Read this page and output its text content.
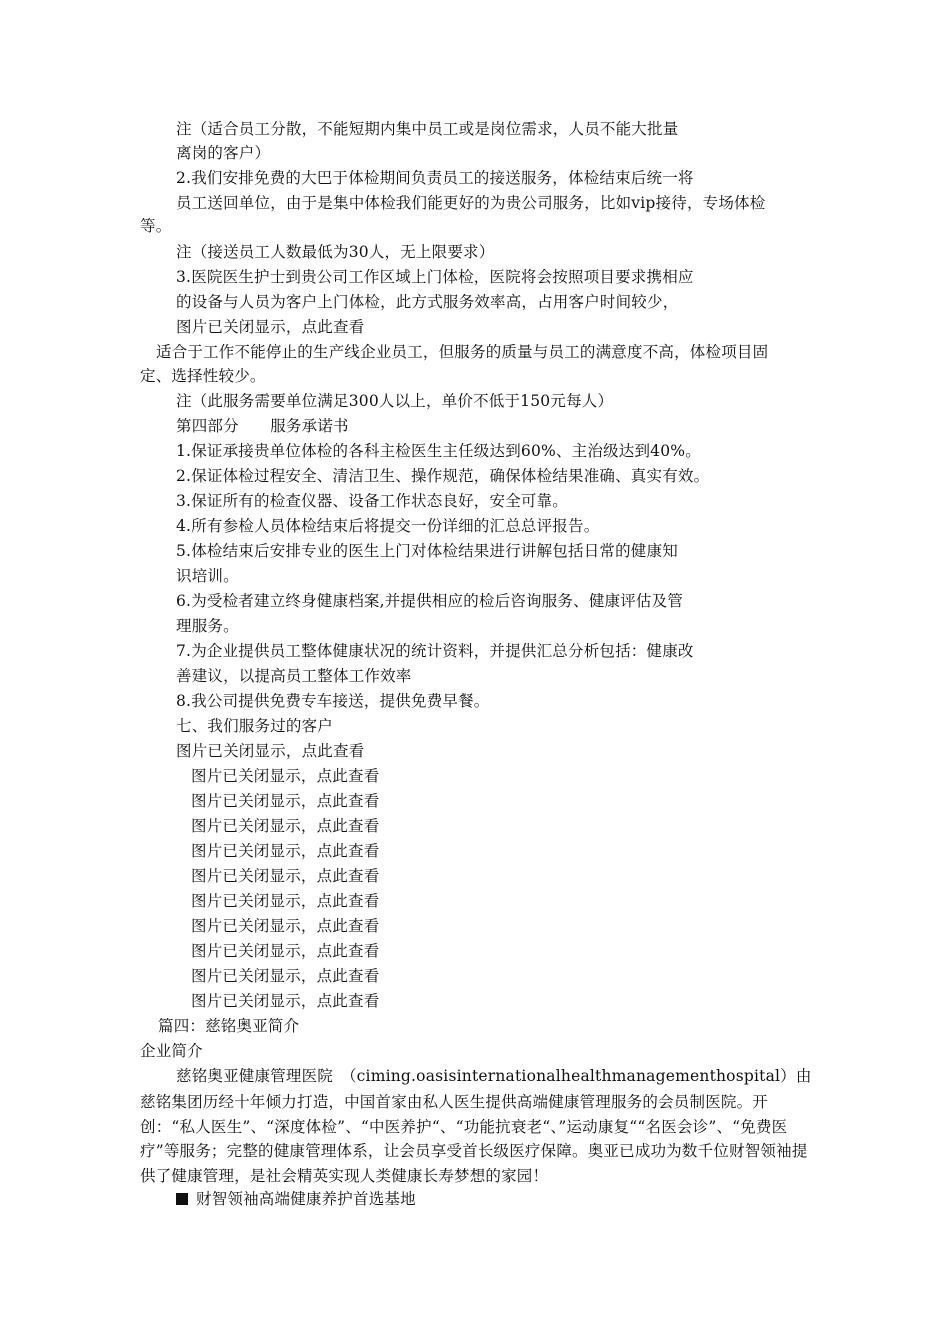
注（适合员工分散，不能短期内集中员工或是岗位需求，人员不能大批量
离岗的客户）
2.我们安排免费的大巴于体检期间负责员工的接送服务，体检结束后统一将
员工送回单位，由于是集中体检我们能更好的为贵公司服务，比如vip接待，专场体检
等。
注（接送员工人数最低为30人，无上限要求）
3.医院医生护士到贵公司工作区域上门体检，医院将会按照项目要求携相应
的设备与人员为客户上门体检，此方式服务效率高，占用客户时间较少，
图片已关闭显示，点此查看
适合于工作不能停止的生产线企业员工，但服务的质量与员工的满意度不高，体检项目固
定、选择性较少。
注（此服务需要单位满足300人以上，单价不低于150元每人）
第四部分　　服务承诺书
1.保证承接贵单位体检的各科主检医生主任级达到60%、主治级达到40%。
2.保证体检过程安全、清洁卫生、操作规范，确保体检结果准确、真实有效。
3.保证所有的检查仪器、设备工作状态良好，安全可靠。
4.所有参检人员体检结束后将提交一份详细的汇总总评报告。
5.体检结束后安排专业的医生上门对体检结果进行讲解包括日常的健康知
识培训。
6.为受检者建立终身健康档案,并提供相应的检后咨询服务、健康评估及管
理服务。
7.为企业提供员工整体健康状况的统计资料，并提供汇总分析包括：健康改
善建议，以提高员工整体工作效率
8.我公司提供免费专车接送，提供免费早餐。
七、我们服务过的客户
图片已关闭显示，点此查看
图片已关闭显示，点此查看
图片已关闭显示，点此查看
图片已关闭显示，点此查看
图片已关闭显示，点此查看
图片已关闭显示，点此查看
图片已关闭显示，点此查看
图片已关闭显示，点此查看
图片已关闭显示，点此查看
图片已关闭显示，点此查看
图片已关闭显示，点此查看
篇四：慈铭奥亚简介
企业简介
慈铭奥亚健康管理医院　（ciming.oasisinternationalhealthmanagementhospital）由
慈铭集团历经十年倾力打造，中国首家由私人医生提供高端健康管理服务的会员制医院。开创：“私人医生”、“深度体检”、“中医养护“、“功能抗衰老“、”运动康复““名医会诊”、“免费医疗”等服务；完整的健康管理体系，让会员享受首长级医疗保障。奥亚已成功为数千位财智领袖提供了健康管理，是社会精英实现人类健康长寿梦想的家园！
财智领袖高端健康养护首选基地
